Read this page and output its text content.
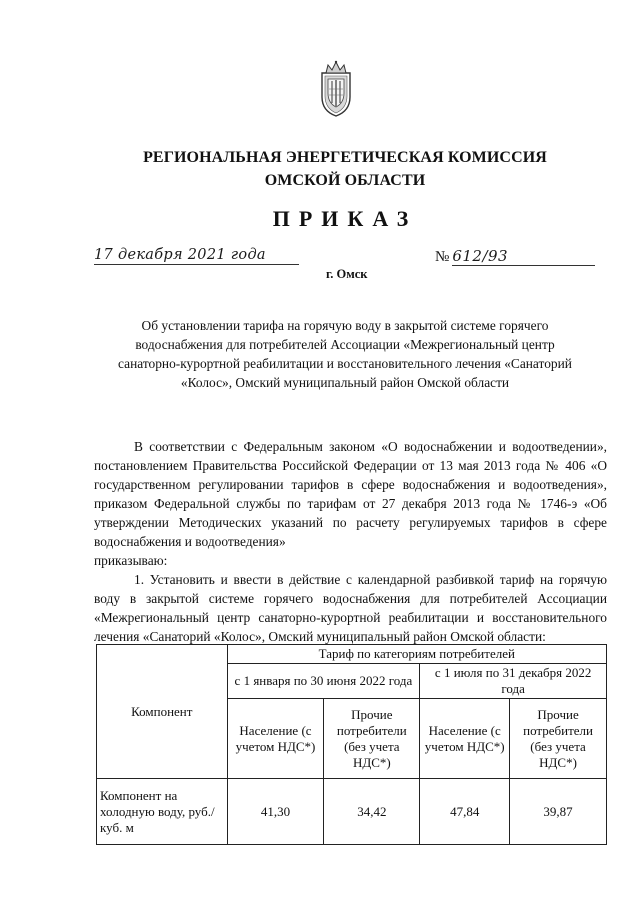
РЕГИОНАЛЬНАЯ ЭНЕРГЕТИЧЕСКАЯ КОМИССИЯ
ОМСКОЙ ОБЛАСТИ
ПРИКАЗ
17 декабря 2021 года
г. Омск
№ 612/93
Об установлении тарифа на горячую воду в закрытой системе горячего водоснабжения для потребителей Ассоциации «Межрегиональный центр санаторно-курортной реабилитации и восстановительного лечения «Санаторий «Колос», Омский муниципальный район Омской области

В соответствии с Федеральным законом «О водоснабжении и водоотведении», постановлением Правительства Российской Федерации от 13 мая 2013 года № 406 «О государственном регулировании тарифов в сфере водоснабжения и водоотведения», приказом Федеральной службы по тарифам от 27 декабря 2013 года № 1746-э «Об утверждении Методических указаний по расчету регулируемых тарифов в сфере водоснабжения и водоотведения»

приказываю:

1. Установить и ввести в действие с календарной разбивкой тариф на горячую воду в закрытой системе горячего водоснабжения для потребителей Ассоциации «Межрегиональный центр санаторно-курортной реабилитации и восстановительного лечения «Санаторий «Колос», Омский муниципальный район Омской области:

Компонент	Тариф по категориям потребителей			
	с 1 января по 30 июня 2022 года		с 1 июля по 31 декабря 2022 года	
	Население (с учетом НДС*)	Прочие потребители (без учета НДС*)	Население (с учетом НДС*)	Прочие потребители (без учета НДС*)
Компонент на холодную воду, руб./куб. м	41,30	34,42	47,84	39,87
